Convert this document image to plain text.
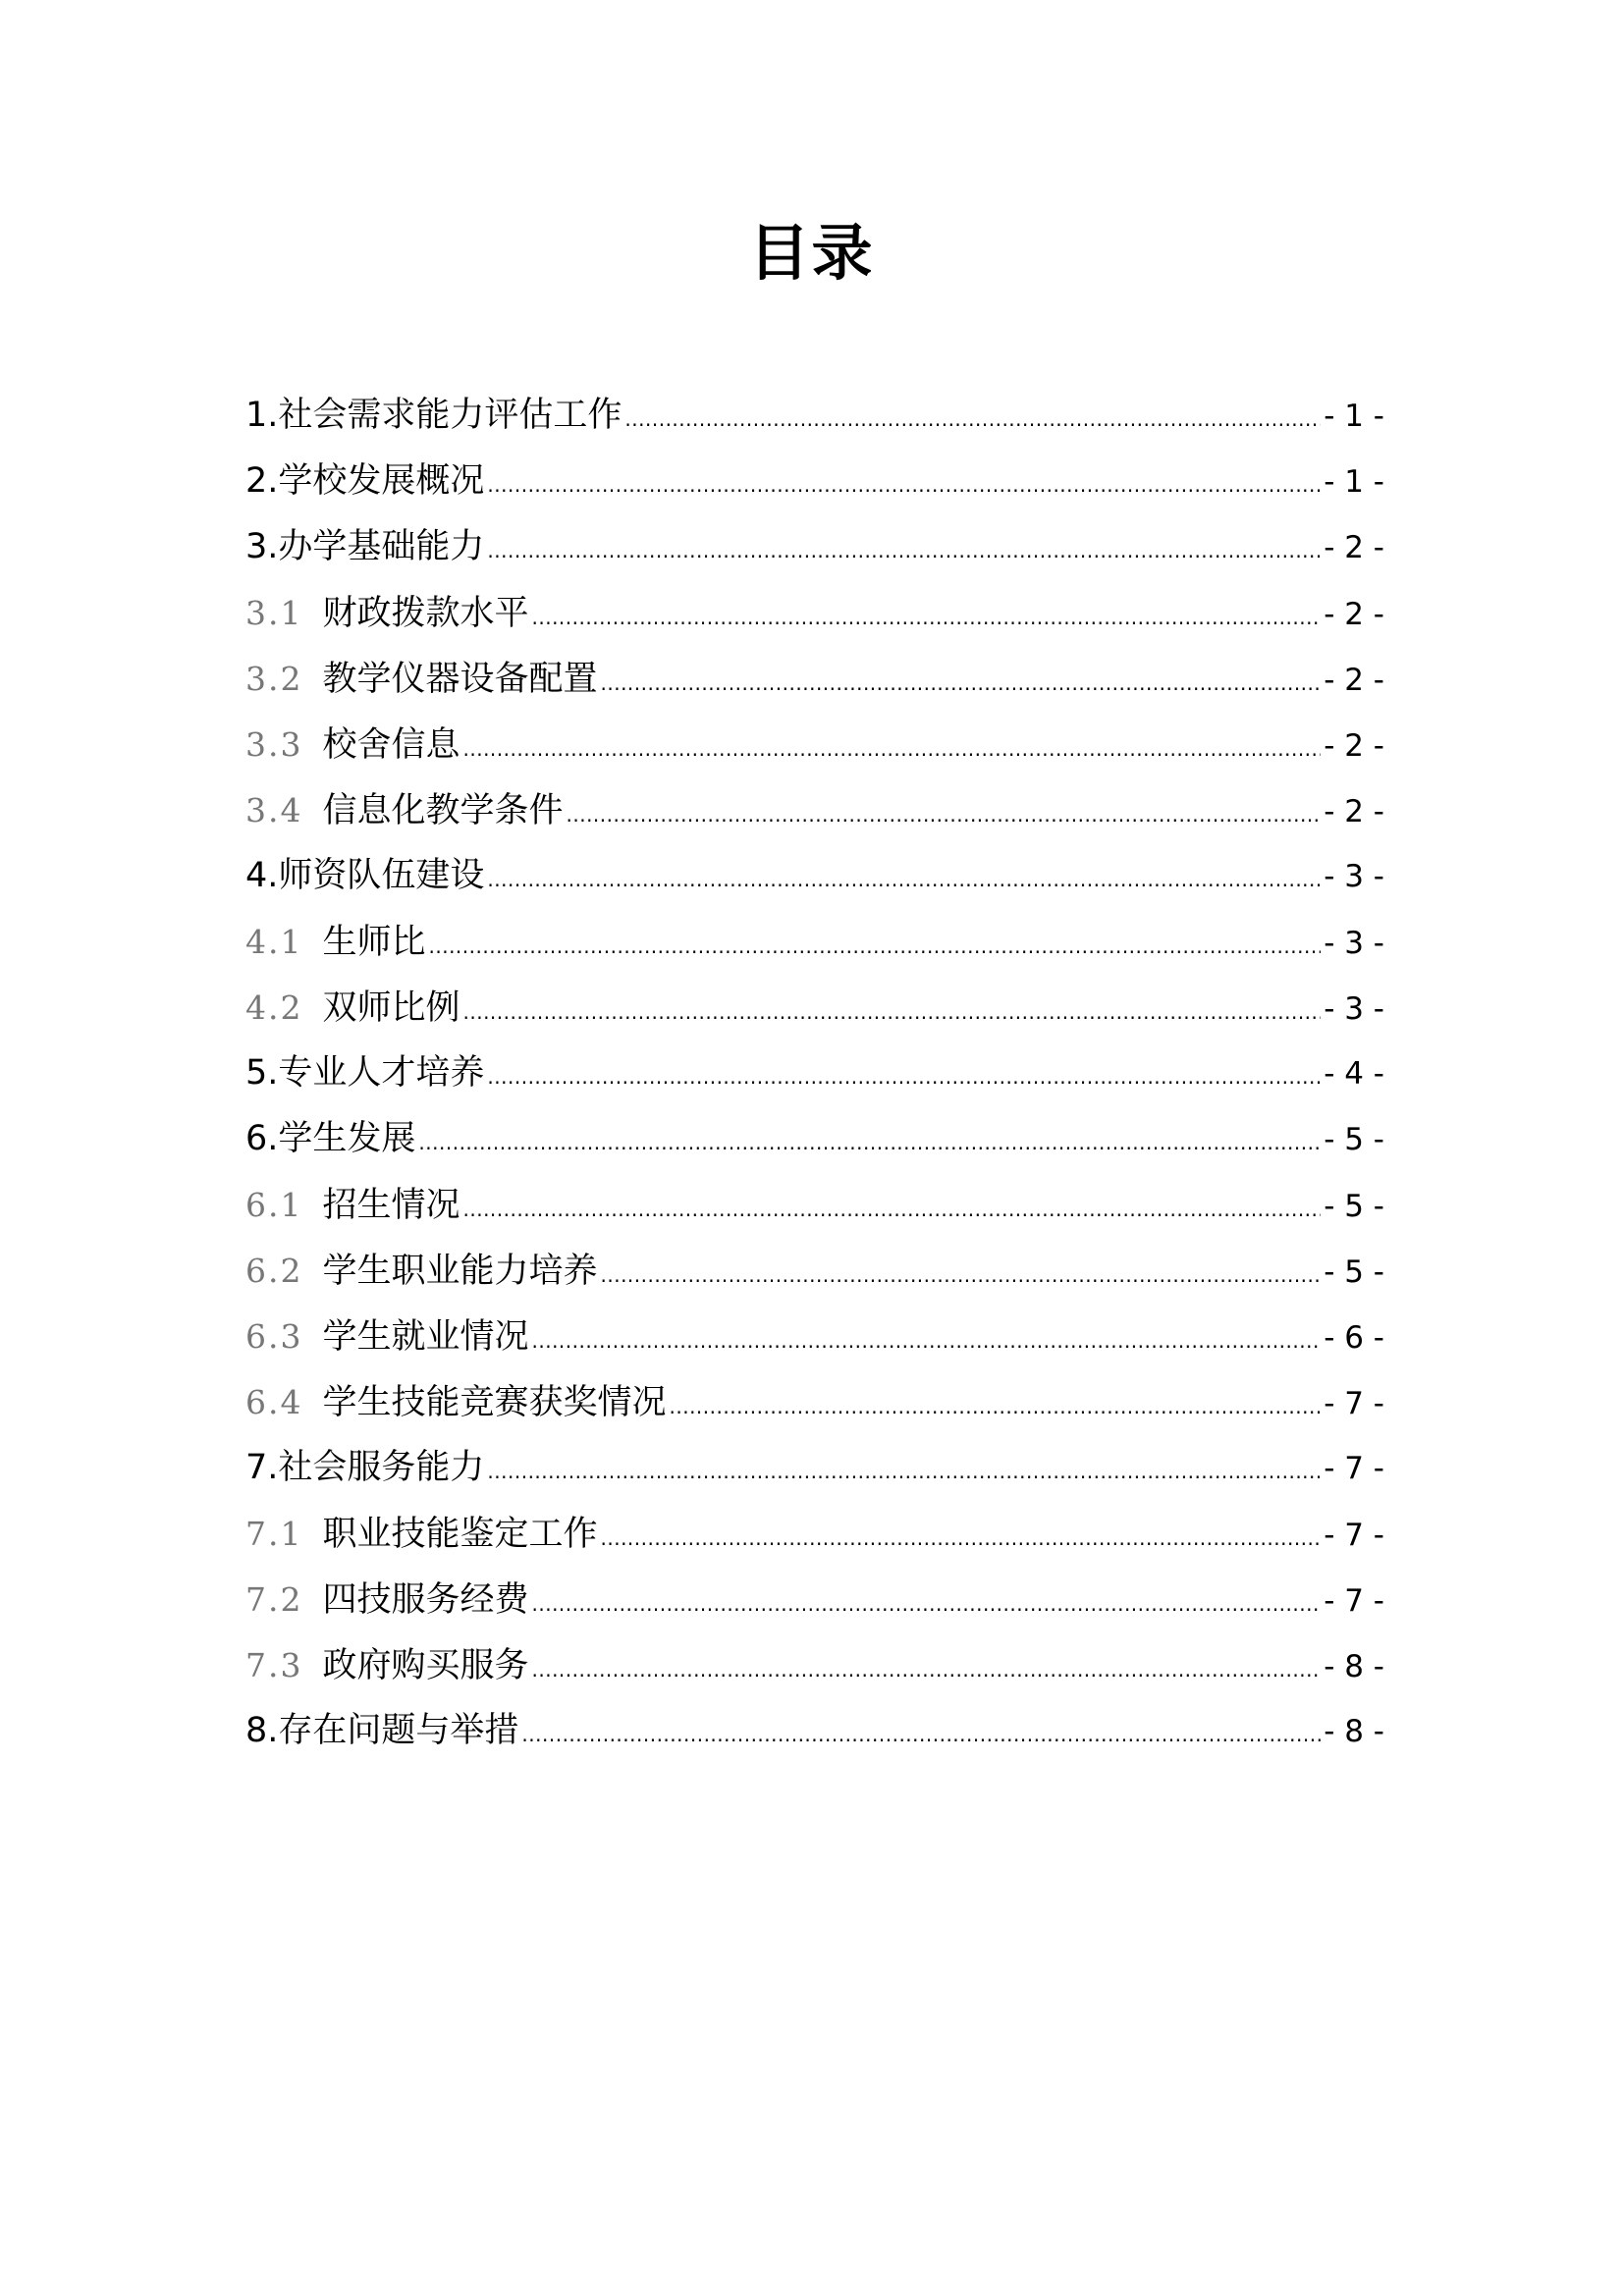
目录
1. 社会需求能力评估工作 .....	- 1 -
2. 学校发展概况 .....	- 1 -
3. 办学基础能力 .....	- 2 -
3.1 财政拨款水平 .....	- 2 -
3.2 教学仪器设备配置 .....	- 2 -
3.3 校舍信息 .....	- 2 -
3.4 信息化教学条件 .....	- 2 -
4. 师资队伍建设 .....	- 3 -
4.1 生师比 .....	- 3 -
4.2 双师比例 .....	- 3 -
5. 专业人才培养 .....	- 4 -
6. 学生发展 .....	- 5 -
6.1 招生情况 .....	- 5 -
6.2 学生职业能力培养 .....	- 5 -
6.3 学生就业情况 .....	- 6 -
6.4 学生技能竞赛获奖情况 .....	- 7 -
7. 社会服务能力 .....	- 7 -
7.1 职业技能鉴定工作 .....	- 7 -
7.2 四技服务经费 .....	- 7 -
7.3 政府购买服务 .....	- 8 -
8. 存在问题与举措 .....	- 8 -
